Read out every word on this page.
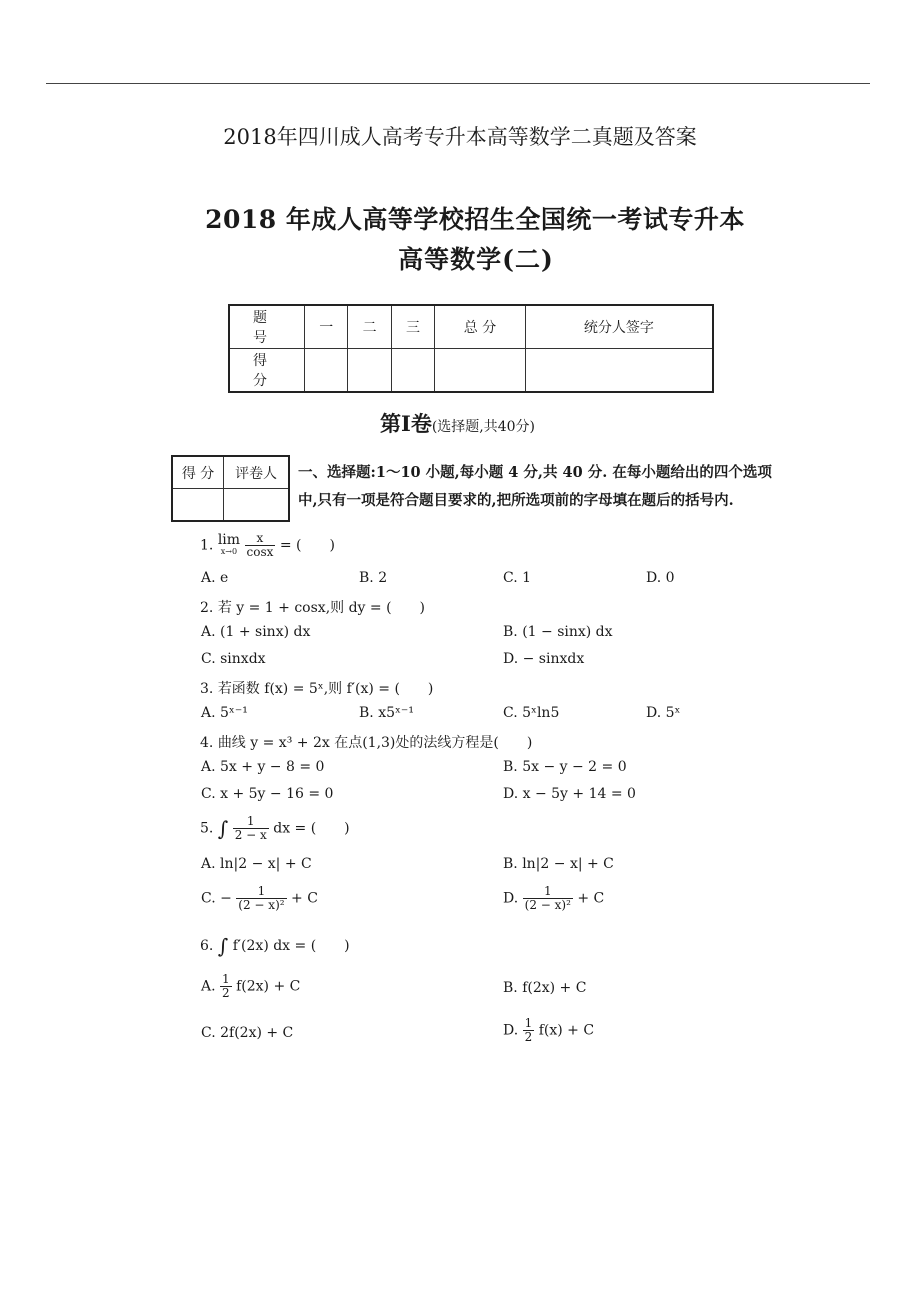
2018年四川成人高考专升本高等数学二真题及答案
2018 年成人高等学校招生全国统一考试专升本
高等数学(二)
题 号	一	二	三	总 分	统分人签字
得 分					
第Ⅰ卷(选择题,共40分)
得 分	评卷人
	一、选择题:1～10 小题,每小题 4 分,共 40 分. 在每小题给出的四个选项
中,只有一项是符合题目要求的,把所选项前的字母填在题后的括号内.
1. lim
x→0
$\frac{x}{\cos x}$ = (　　)
A. e	B. 2	C. 1	D. 0
2. 若 y = 1 + cosx,则 dy = (　　)
A. (1 + sinx) dx	B. (1 − sinx) dx
C. sinxdx	D. − sinxdx
3. 若函数 f(x) = 5ˣ,则 f′(x) = (　　)
A. 5ˣ⁻¹	B. x5ˣ⁻¹	C. 5ˣln5	D. 5ˣ
4. 曲线 y = x³ + 2x 在点(1,3)处的法线方程是(　　)
A. 5x + y − 8 = 0	B. 5x − y − 2 = 0
C. x + 5y − 16 = 0	D. x − 5y + 14 = 0
5. ∫ $\frac{1}{2 - x}$ dx = (　　)
A. ln|2 − x| + C	B. ln|2 − x| + C
C. − $\frac{1}{\text{(2 − x)²}} + C$	D. $\frac{1}{\text{(2 − x)²}} + C$
6. ∫ f′(2x) dx = (　　)
A. $\frac{1}{2} f(2x) + C$	B. f(2x) + C
C. 2f(2x) + C	D. $\frac{1}{2} f(x) + C$
